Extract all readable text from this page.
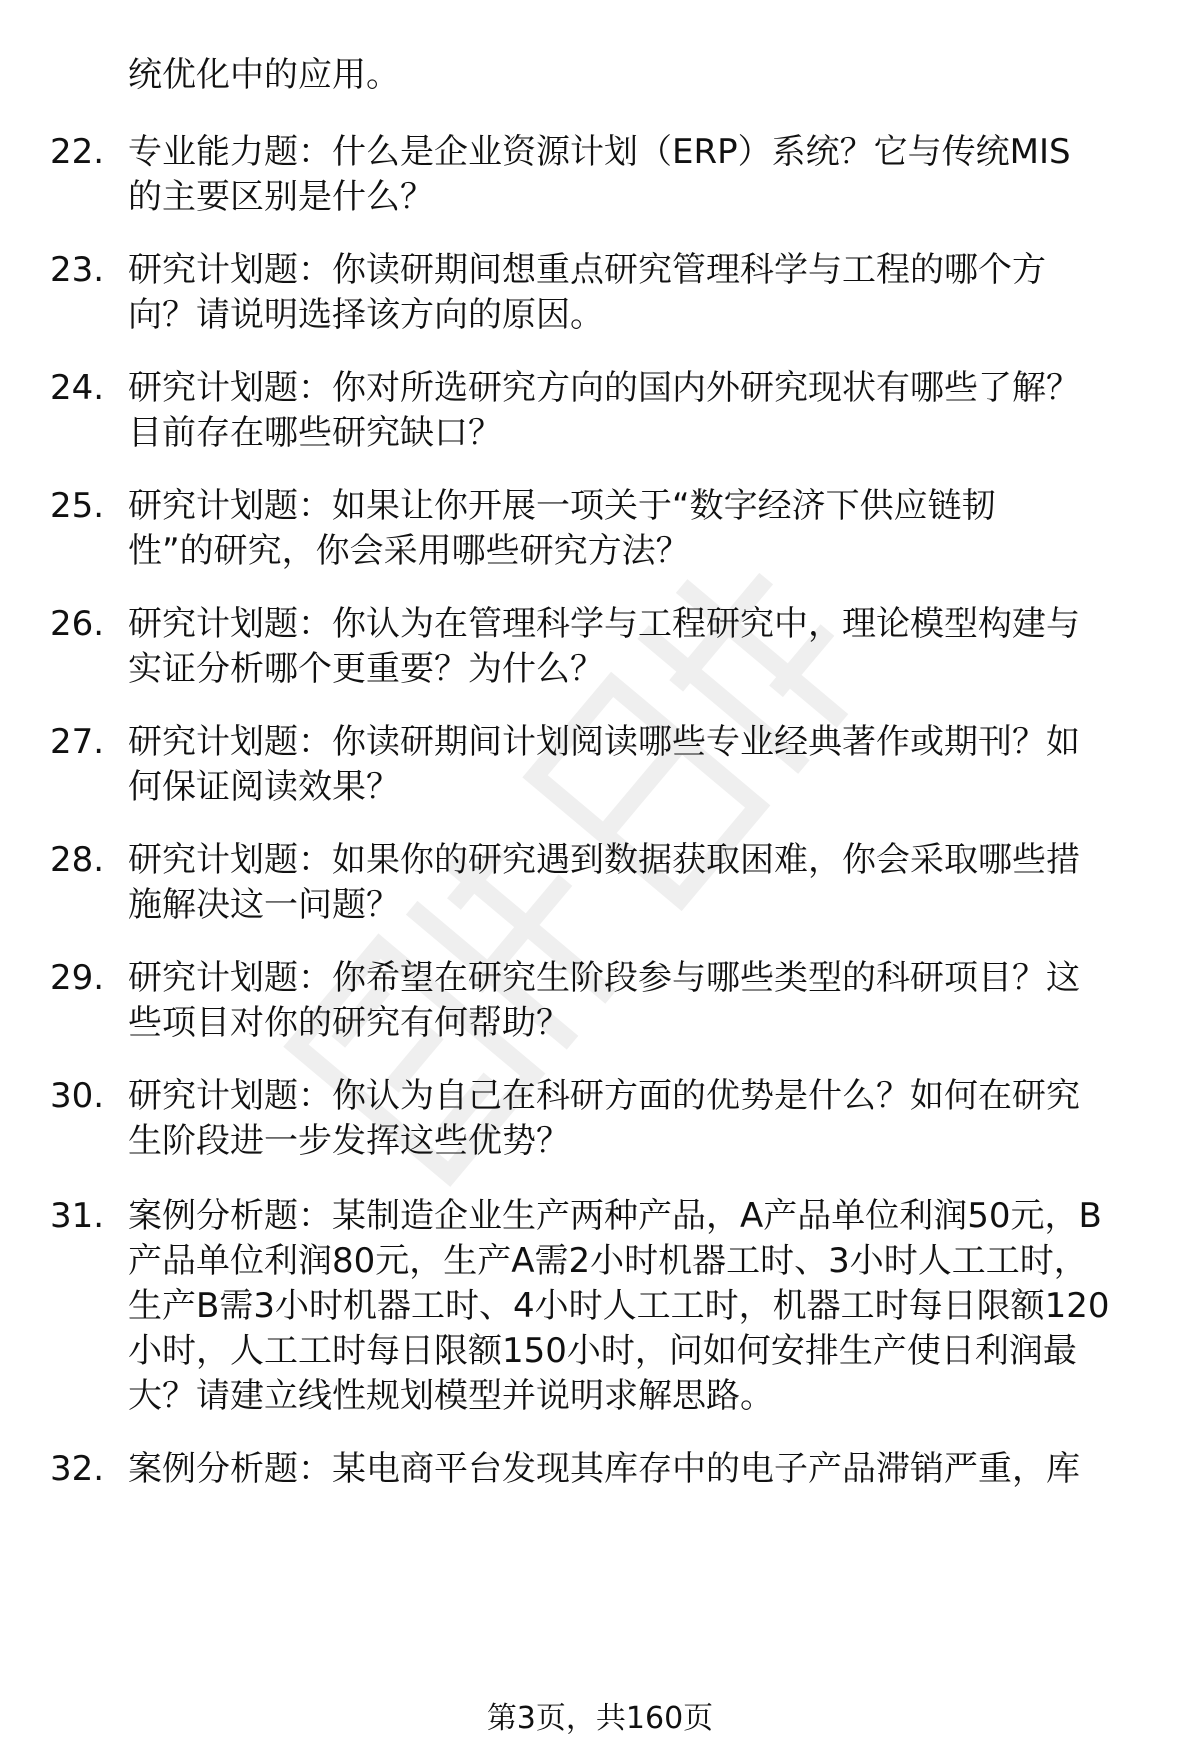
统优化中的应用。
22. 专业能力题：什么是企业资源计划（ERP）系统？它与传统MIS
的主要区别是什么？
23. 研究计划题：你读研期间想重点研究管理科学与工程的哪个方
向？请说明选择该方向的原因。
24. 研究计划题：你对所选研究方向的国内外研究现状有哪些了解？
目前存在哪些研究缺口？
25. 研究计划题：如果让你开展一项关于“数字经济下供应链韧
性”的研究，你会采用哪些研究方法？
26. 研究计划题：你认为在管理科学与工程研究中，理论模型构建与
实证分析哪个更重要？为什么？
27. 研究计划题：你读研期间计划阅读哪些专业经典著作或期刊？如
何保证阅读效果？
28. 研究计划题：如果你的研究遇到数据获取困难，你会采取哪些措
施解决这一问题？
29. 研究计划题：你希望在研究生阶段参与哪些类型的科研项目？这
些项目对你的研究有何帮助？
30. 研究计划题：你认为自己在科研方面的优势是什么？如何在研究
生阶段进一步发挥这些优势？
31. 案例分析题：某制造企业生产两种产品，A产品单位利润50元，B
产品单位利润80元，生产A需2小时机器工时、3小时人工工时，
生产B需3小时机器工时、4小时人工工时，机器工时每日限额120
小时，人工工时每日限额150小时，问如何安排生产使日利润最
大？请建立线性规划模型并说明求解思路。
32. 案例分析题：某电商平台发现其库存中的电子产品滞销严重，库
第3页，共160页
